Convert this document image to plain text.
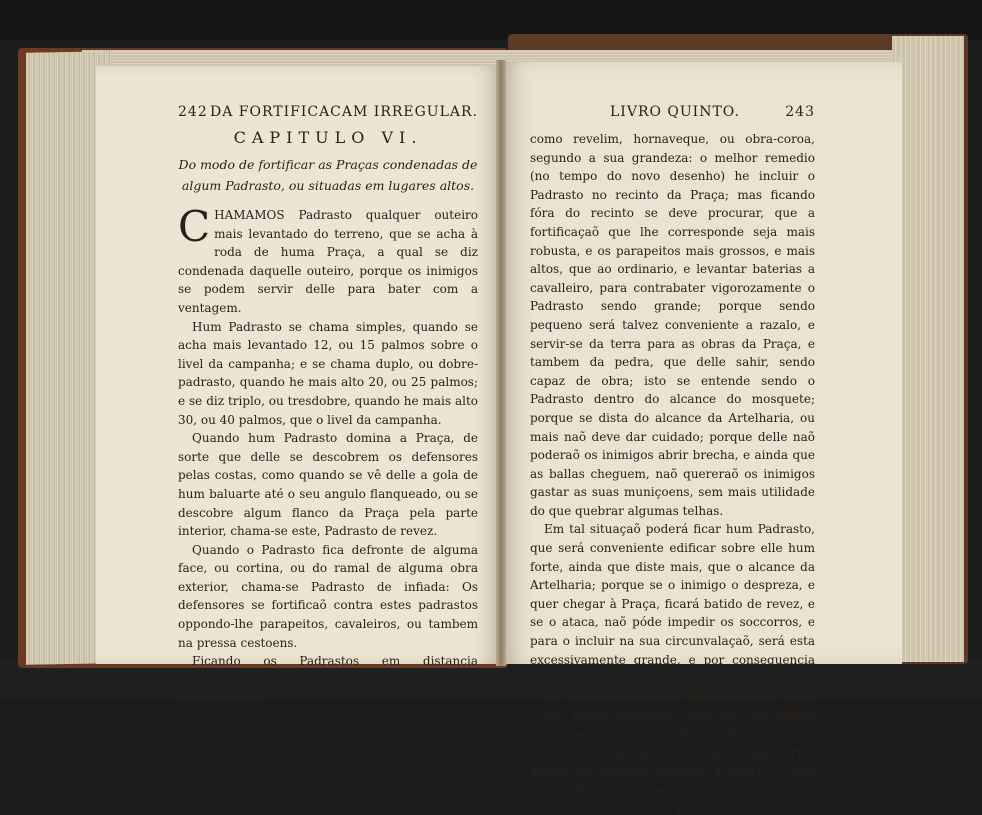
242 DA FORTIFICACAM IRREGULAR.
CAPITULO VI.
Do modo de fortificar as Praças condenadas de algum Padrasto, ou situadas em lugares altos.

CHAMAMOS Padrasto qualquer outeiro mais levantado do terreno, que se acha à roda de huma Praça, a qual se diz condenada daquelle outeiro, porque os inimigos se podem servir delle para bater com a ventagem.

Hum Padrasto se chama simples, quando se acha mais levantado 12, ou 15 palmos sobre o livel da campanha; e se chama duplo, ou dobre-padrasto, quando he mais alto 20, ou 25 palmos; e se diz triplo, ou tresdobre, quando he mais alto 30, ou 40 palmos, que o livel da campanha.

Quando hum Padrasto domina a Praça, de sorte que delle se descobrem os defensores pelas costas, como quando se vê delle a gola de hum baluarte até o seu angulo flanqueado, ou se descobre algum flanco da Praça pela parte interior, chama-se este, Padrasto de revez.

Quando o Padrasto fica defronte de alguma face, ou cortina, ou do ramal de alguma obra exterior, chama-se Padrasto de infiada: Os defensores se fortificaõ contra estes padrastos oppondo-lhe parapeitos, cavaleiros, ou tambem na pressa cestoens.

Ficando os Padrastos em distancia conveniente, se devem occupar com alguma obra exterior,

como
LIVRO QUINTO.	243

como revelim, hornaveque, ou obra-coroa, segundo a sua grandeza: o melhor remedio (no tempo do novo desenho) he incluir o Padrasto no recinto da Praça; mas ficando fóra do recinto se deve procurar, que a fortificaçaõ que lhe corresponde seja mais robusta, e os parapeitos mais grossos, e mais altos, que ao ordinario, e levantar baterias a cavalleiro, para contrabater vigorozamente o Padrasto sendo grande; porque sendo pequeno será talvez conveniente a razalo, e servir-se da terra para as obras da Praça, e tambem da pedra, que delle sahir, sendo capaz de obra; isto se entende sendo o Padrasto dentro do alcance do mosquete; porque se dista do alcance da Artelharia, ou mais naõ deve dar cuidado; porque delle naõ poderaõ os inimigos abrir brecha, e ainda que as ballas cheguem, naõ quereraõ os inimigos gastar as suas muniçoens, sem mais utilidade do que quebrar algumas telhas.

Em tal situaçaõ poderá ficar hum Padrasto, que será conveniente edificar sobre elle hum forte, ainda que diste mais, que o alcance da Artelharia; porque se o inimigo o despreza, e quer chegar à Praça, ficará batido de revez, e se o ataca, naõ póde impedir os soccorros, e para o incluir na sua circunvalaçaõ, será esta excessivamente grande, e por consequencia facil de romper.

As fortificaçoens em lugares altos, como sobre huma montanha, que naõ dá subida mais, que por huma, ou duas partes saõ faceis de fortificar; porque basta, que sejaõ fortes quanto for possivel naquellas avenidas, e para o mais do recinto, que

Q ij	he
